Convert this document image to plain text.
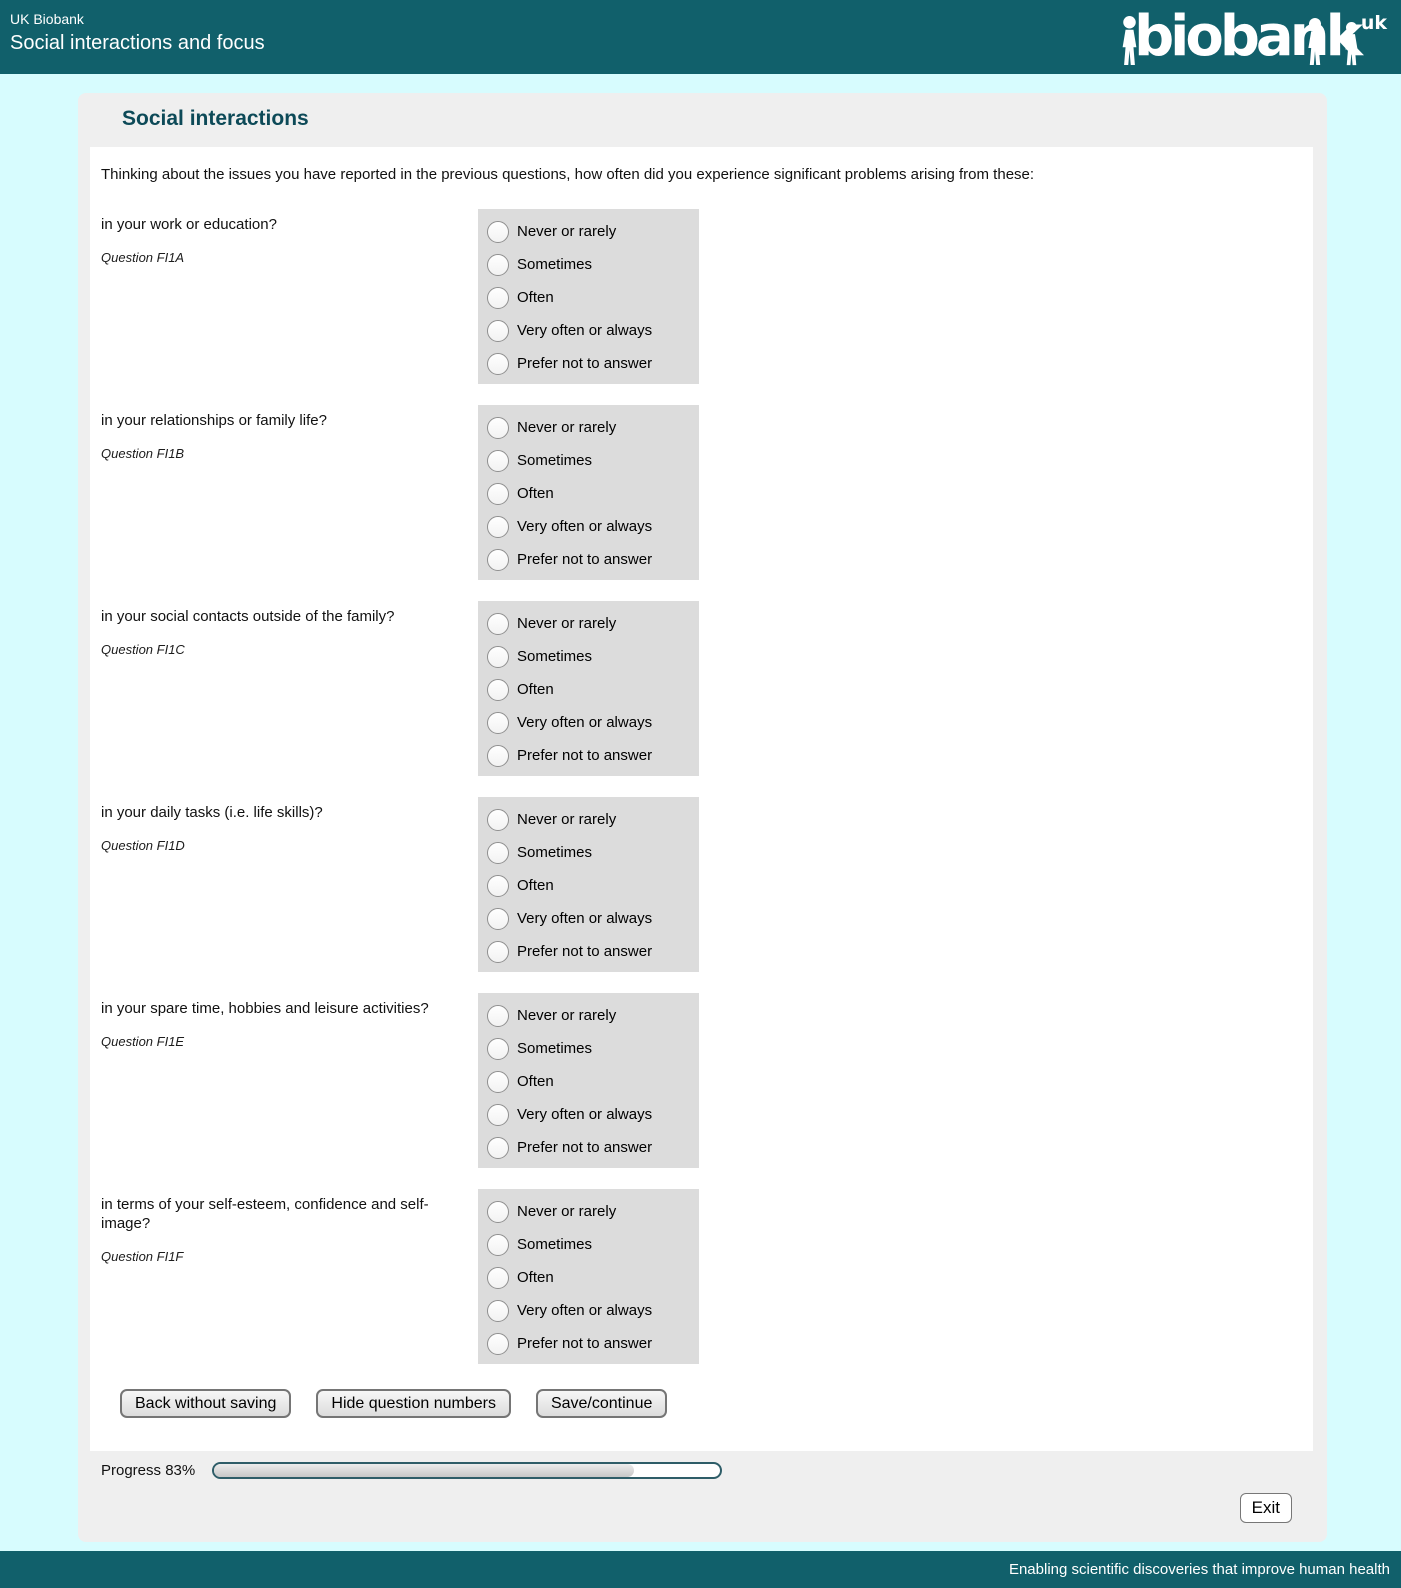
UK Biobank
Social interactions and focus	biobank $^{uk}$
Social interactions
Thinking about the issues you have reported in the previous questions, how often did you experience significant problems arising from these:
in your work or education?
Question FI1A
Never or rarely
Sometimes
Often
Very often or always
Prefer not to answer
in your relationships or family life?
Question FI1B
Never or rarely
Sometimes
Often
Very often or always
Prefer not to answer
in your social contacts outside of the family?
Question FI1C
Never or rarely
Sometimes
Often
Very often or always
Prefer not to answer
in your daily tasks (i.e. life skills)?
Question FI1D
Never or rarely
Sometimes
Often
Very often or always
Prefer not to answer
in your spare time, hobbies and leisure activities?
Question FI1E
Never or rarely
Sometimes
Often
Very often or always
Prefer not to answer
in terms of your self-esteem, confidence and self-image?
Question FI1F
Never or rarely
Sometimes
Often
Very often or always
Prefer not to answer
Back without saving	Hide question numbers	Save/continue
Progress 83%
Exit
Enabling scientific discoveries that improve human health
